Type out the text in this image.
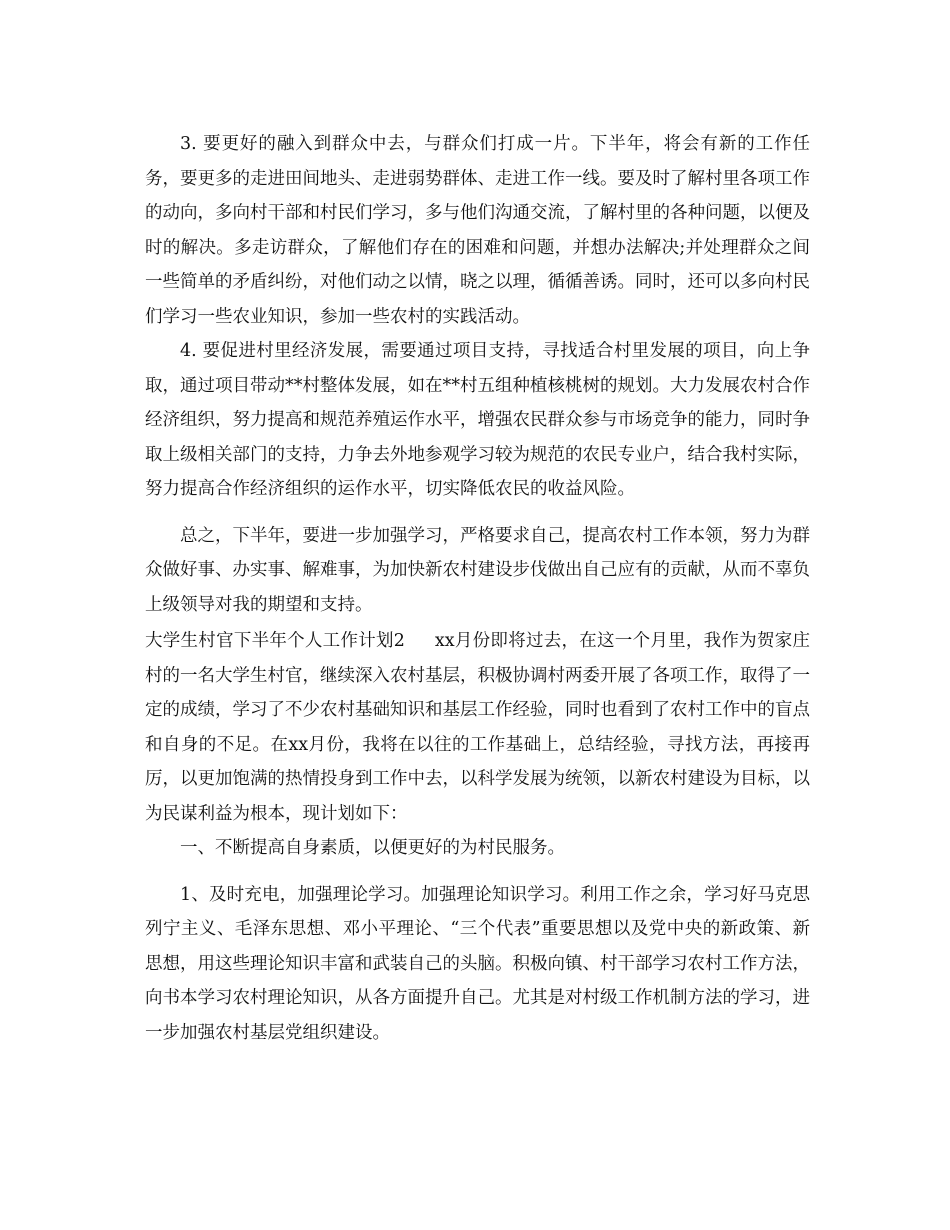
3. 要更好的融入到群众中去，与群众们打成一片。下半年，将会有新的工作任务，要更多的走进田间地头、走进弱势群体、走进工作一线。要及时了解村里各项工作的动向，多向村干部和村民们学习，多与他们沟通交流，了解村里的各种问题，以便及时的解决。多走访群众，了解他们存在的困难和问题，并想办法解决;并处理群众之间一些简单的矛盾纠纷，对他们动之以情，晓之以理，循循善诱。同时，还可以多向村民们学习一些农业知识，参加一些农村的实践活动。

4. 要促进村里经济发展，需要通过项目支持，寻找适合村里发展的项目，向上争取，通过项目带动**村整体发展，如在**村五组种植核桃树的规划。大力发展农村合作经济组织，努力提高和规范养殖运作水平，增强农民群众参与市场竞争的能力，同时争取上级相关部门的支持，力争去外地参观学习较为规范的农民专业户，结合我村实际，努力提高合作经济组织的运作水平，切实降低农民的收益风险。

总之，下半年，要进一步加强学习，严格要求自己，提高农村工作本领，努力为群众做好事、办实事、解难事，为加快新农村建设步伐做出自己应有的贡献，从而不辜负上级领导对我的期望和支持。

大学生村官下半年个人工作计划2 xx月份即将过去，在这一个月里，我作为贺家庄村的一名大学生村官，继续深入农村基层，积极协调村两委开展了各项工作，取得了一定的成绩，学习了不少农村基础知识和基层工作经验，同时也看到了农村工作中的盲点和自身的不足。在xx月份，我将在以往的工作基础上，总结经验，寻找方法，再接再厉，以更加饱满的热情投身到工作中去，以科学发展为统领，以新农村建设为目标，以为民谋利益为根本，现计划如下：

一、不断提高自身素质，以便更好的为村民服务。

1、及时充电，加强理论学习。加强理论知识学习。利用工作之余，学习好马克思列宁主义、毛泽东思想、邓小平理论、“三个代表”重要思想以及党中央的新政策、新思想，用这些理论知识丰富和武装自己的头脑。积极向镇、村干部学习农村工作方法，向书本学习农村理论知识，从各方面提升自己。尤其是对村级工作机制方法的学习，进一步加强农村基层党组织建设。
